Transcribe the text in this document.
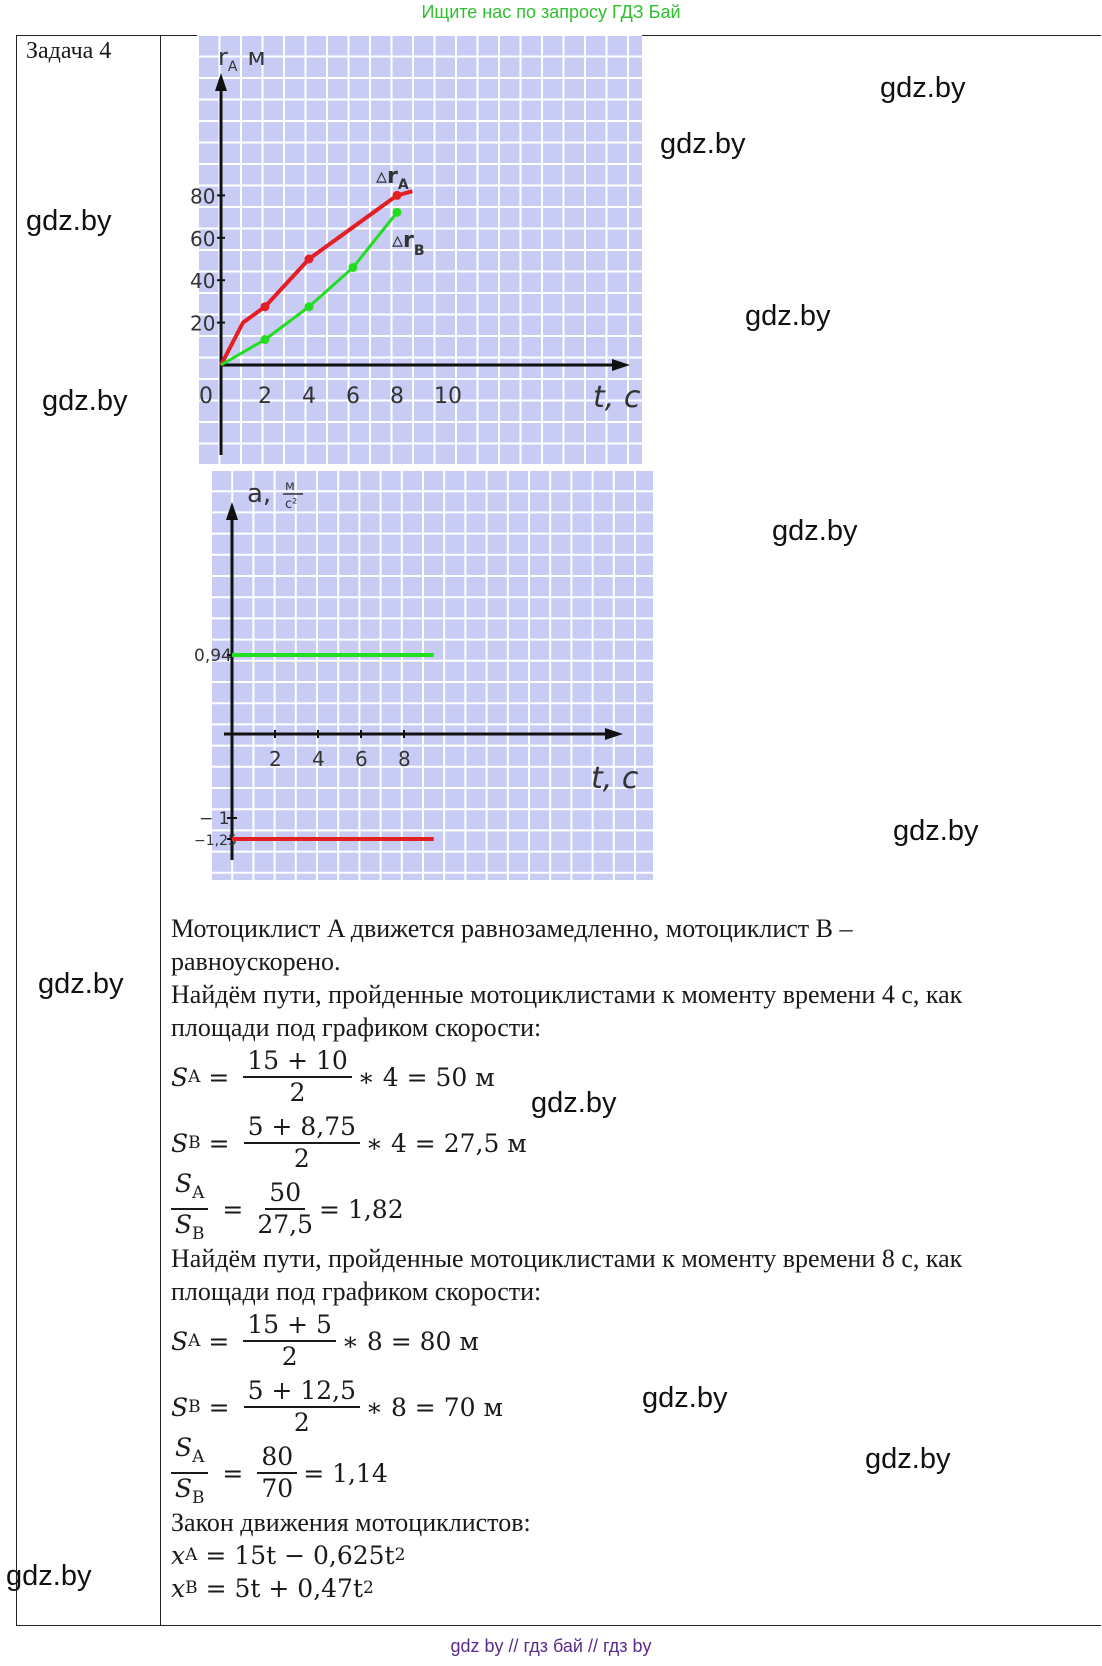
Ищите нас по запросу ГДЗ Бай
Задача 4
gdz.by
gdz.by
gdz.by
gdz.by
gdz.by
gdz.by
gdz.by
gdz.by
gdz.by
gdz.by
gdz.by
gdz.by
$r_A$ м
t, с
80
60
40
20
0 2 4 6 8 10
$▵r_A$
$▵r_B$
a, м
с²
t, с
2 4 6 8
0,94
− 1
−1,25

Мотоциклист A движется равнозамедленно, мотоциклист B –

равноускорено.

Найдём пути, пройденные мотоциклистами к моменту времени 4 с, как

площади под графиком скорости:

S $A = \frac{15 + 10}{2}$ ∗ 4 = 50 м
S $B = \frac{5 + 8,75}{2}$ ∗ 4 = 27,5 м
$\frac{S_A}{S_B} = \frac{50}{27,5} = 1,82$

Найдём пути, пройденные мотоциклистами к моменту времени 8 с, как

площади под графиком скорости:

S $A = \frac{15 + 5}{2}$ ∗ 8 = 80 м
S $B = \frac{5 + 12,5}{2}$ ∗ 8 = 70 м
$\frac{S_A}{S_B} = \frac{80}{70} = 1,14$

Закон движения мотоциклистов:

x A = 15t − 0,625t 2
x B = 5t + 0,47t 2
gdz by // гдз бай // гдз by
